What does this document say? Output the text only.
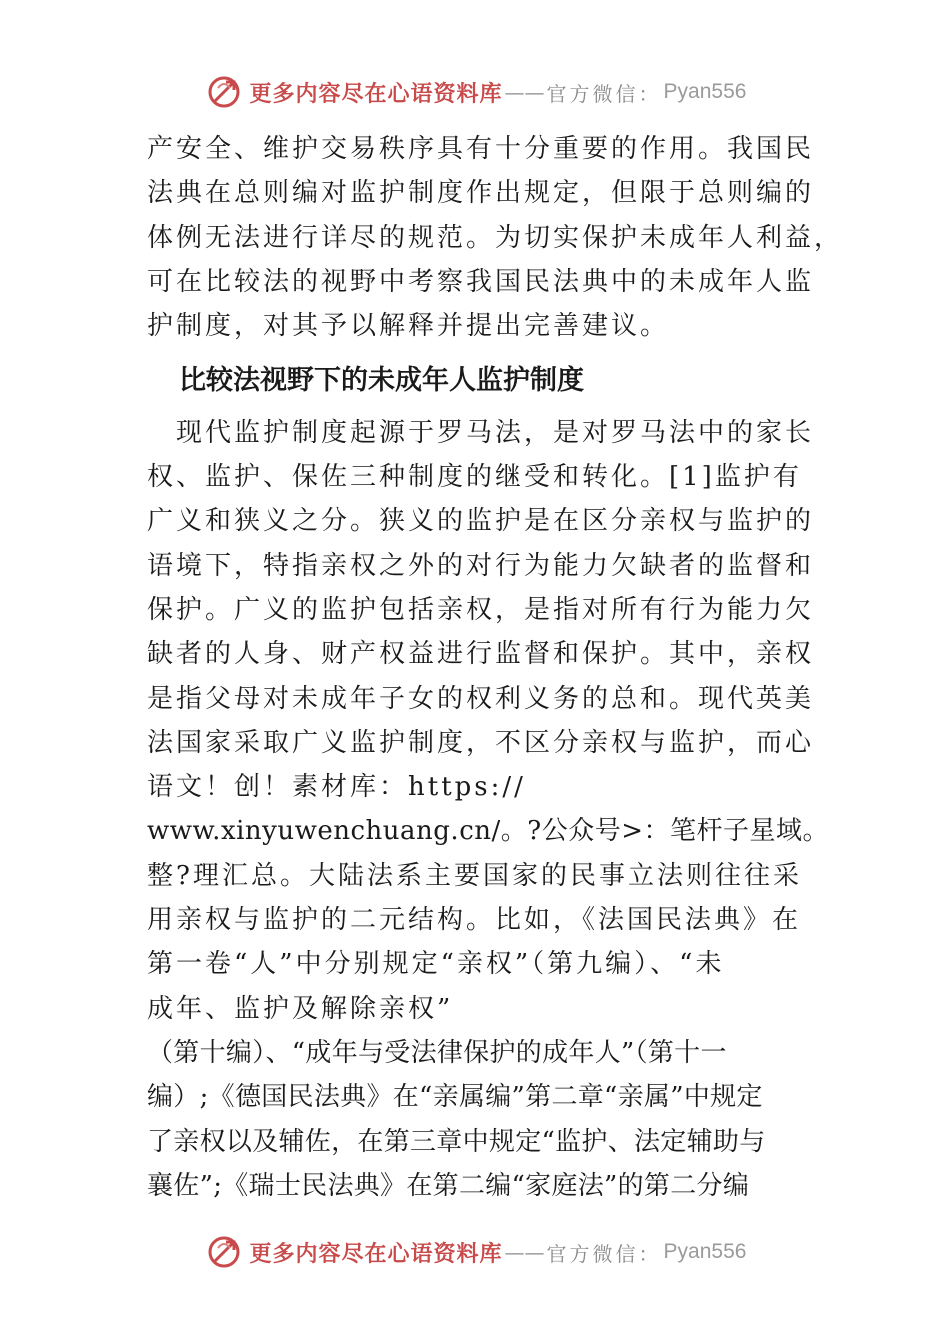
更多内容尽在心语资料库 —— 官方微信： Pyan556
产安全、维护交易秩序具有十分重要的作用。我国民
法典在总则编对监护制度作出规定，但限于总则编的
体例无法进行详尽的规范。为切实保护未成年人利益，
可在比较法的视野中考察我国民法典中的未成年人监
护制度，对其予以解释并提出完善建议。
比较法视野下的未成年人监护制度
　现代监护制度起源于罗马法，是对罗马法中的家长
权、监护、保佐三种制度的继受和转化。[1]监护有
广义和狭义之分。狭义的监护是在区分亲权与监护的
语境下，特指亲权之外的对行为能力欠缺者的监督和
保护。广义的监护包括亲权，是指对所有行为能力欠
缺者的人身、财产权益进行监督和保护。其中，亲权
是指父母对未成年子女的权利义务的总和。现代英美
法国家采取广义监护制度，不区分亲权与监护，而心
语文！创！素材库：https://
www.xinyuwenchuang.cn/。?公众号>：笔杆子星域。
整?理汇总。大陆法系主要国家的民事立法则往往采
用亲权与监护的二元结构。比如，《法国民法典》在
第一卷“人”中分别规定“亲权”（第九编）、“未
成年、监护及解除亲权”
（第十编）、“成年与受法律保护的成年人”（第十一
编）;《德国民法典》在“亲属编”第二章“亲属”中规定
了亲权以及辅佐，在第三章中规定“监护、法定辅助与
襄佐”;《瑞士民法典》在第二编“家庭法”的第二分编
更多内容尽在心语资料库 —— 官方微信： Pyan556
